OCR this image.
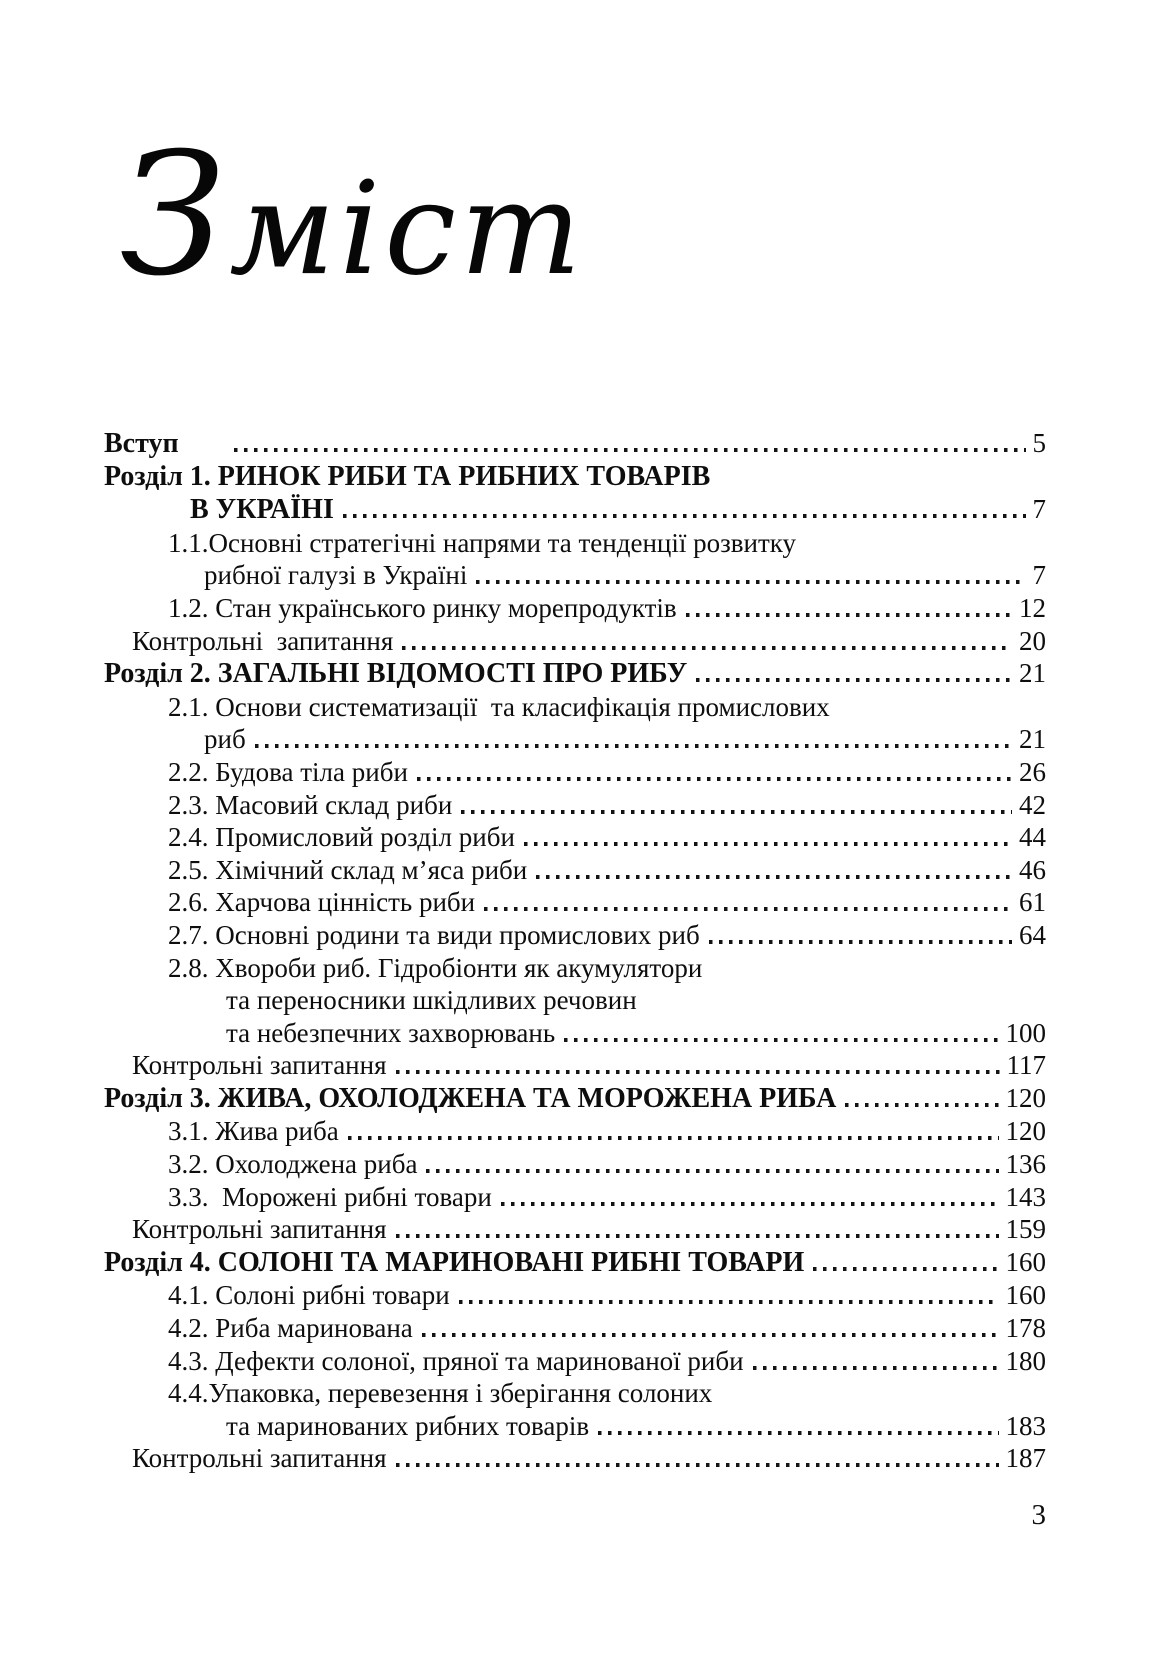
Зміст
Вступ	5
Розділ 1. РИНОК РИБИ ТА РИБНИХ ТОВАРІВ
В УКРАЇНІ	7
1.1.Основні стратегічні напрями та тенденції розвитку
рибної галузі в Україні	7
1.2. Стан українського ринку морепродуктів	12
Контрольні  запитання	20
Розділ 2. ЗАГАЛЬНІ ВІДОМОСТІ ПРО РИБУ	21
2.1. Основи систематизації  та класифікація промислових
риб	21
2.2. Будова тіла риби	26
2.3. Масовий склад риби	42
2.4. Промисловий розділ риби	44
2.5. Хімічний склад м’яса риби	46
2.6. Харчова цінність риби	61
2.7. Основні родини та види промислових риб	64
2.8. Хвороби риб. Гідробіонти як акумулятори
та переносники шкідливих речовин
та небезпечних захворювань	100
Контрольні запитання	117
Розділ 3. ЖИВА, ОХОЛОДЖЕНА ТА МОРОЖЕНА РИБА	120
3.1. Жива риба	120
3.2. Охолоджена риба	136
3.3.  Морожені рибні товари	143
Контрольні запитання	159
Розділ 4. СОЛОНІ ТА МАРИНОВАНІ РИБНІ ТОВАРИ	160
4.1. Солоні рибні товари	160
4.2. Риба маринована	178
4.3. Дефекти солоної, пряної та маринованої риби	180
4.4.Упаковка, перевезення і зберігання солоних
та маринованих рибних товарів	183
Контрольні запитання	187
3
